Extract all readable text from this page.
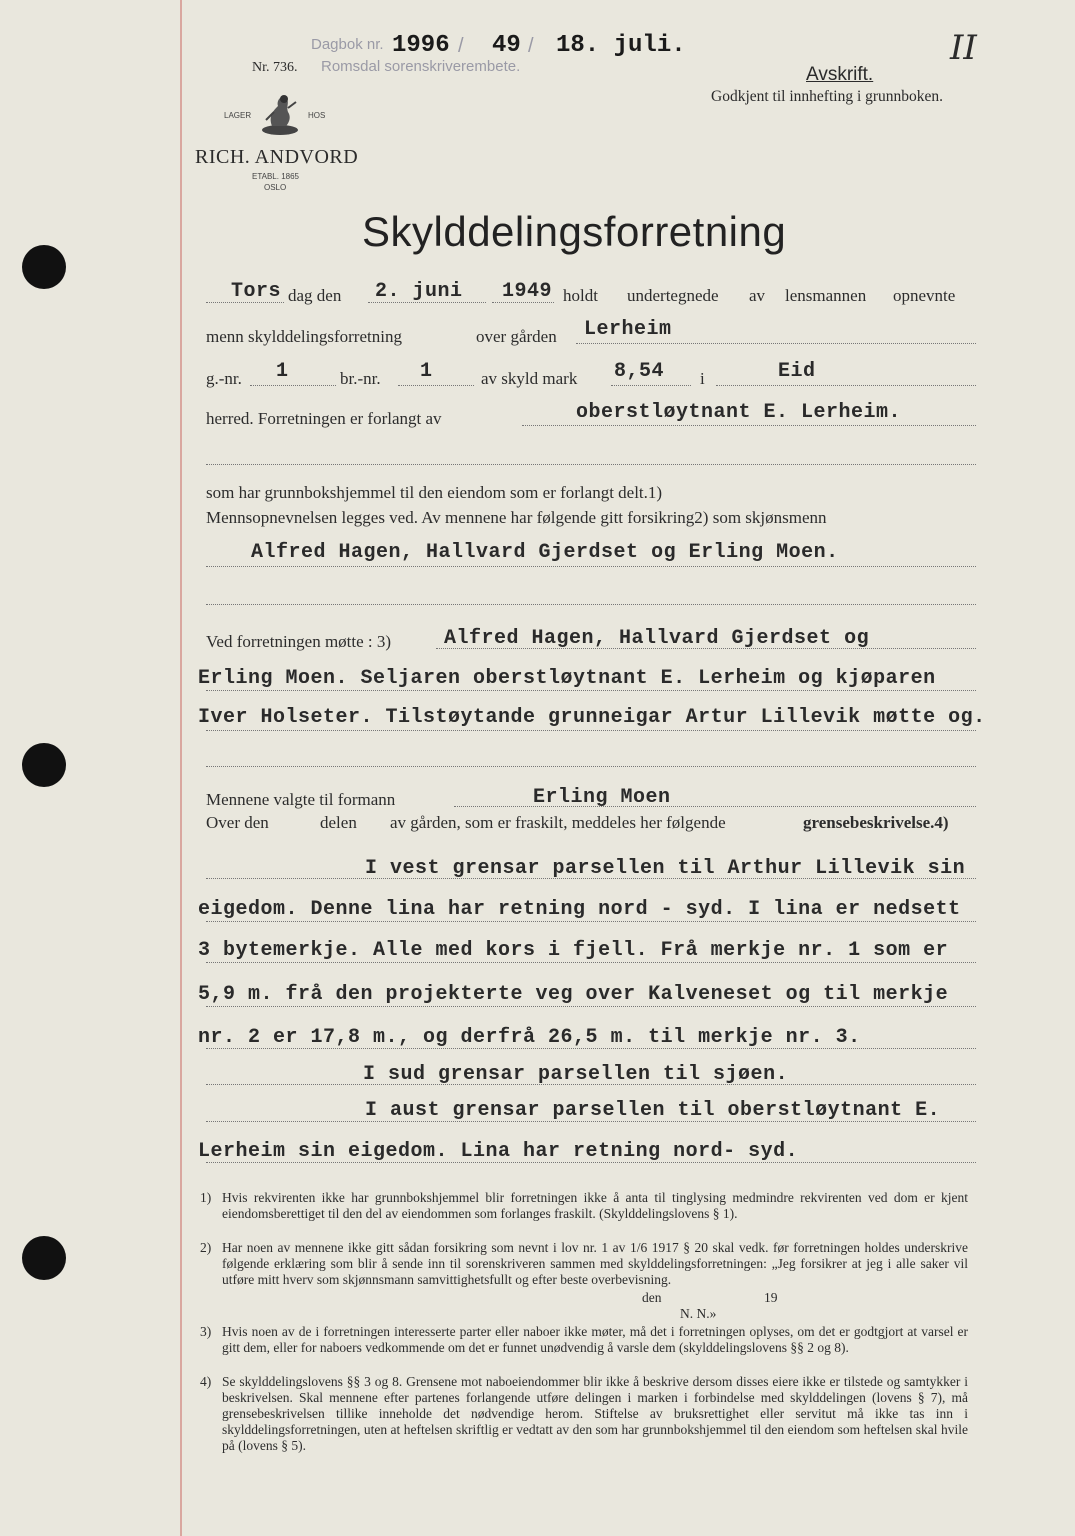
Dagbok nr. 1996 / 49 / 18. juli.
Nr. 736. Romsdal sorenskriverembete.	Avskrift.
Godkjent til innhefting i grunnboken.
II
LAGER	HOS
RICH. ANDVORD
ETABL. 1865
OSLO
Skylddelingsforretning
Tors dag den 2. juni 1949 holdt undertegnede av lensmannen opnevnte
menn skylddelingsforretning	over gården Lerheim
g.-nr. 1	br.-nr. 1	av skyld mark 8,54 i	Eid
herred. Forretningen er forlangt av	oberstløytnant E. Lerheim.
som har grunnbokshjemmel til den eiendom som er forlangt delt.1)
Mennsopnevnelsen legges ved. Av mennene har følgende gitt forsikring2) som skjønsmenn
Alfred Hagen, Hallvard Gjerdset og Erling Moen.
Ved forretningen møtte : 3)	Alfred Hagen, Hallvard Gjerdset og
Erling Moen. Seljaren oberstløytnant E. Lerheim og kjøparen
Iver Holseter. Tilstøytande grunneigar Artur Lillevik møtte og.
Mennene valgte til formann	Erling Moen
Over den	delen av gården, som er fraskilt, meddeles her følgende	grensebeskrivelse.4)
I vest grensar parsellen til Arthur Lillevik sin
eigedom. Denne lina har retning nord - syd. I lina er nedsett
3 bytemerkje. Alle med kors i fjell. Frå merkje nr. 1 som er
5,9 m. frå den projekterte veg over Kalveneset og til merkje
nr. 2 er 17,8 m., og derfrå 26,5 m. til merkje nr. 3.
I sud grensar parsellen til sjøen.
I aust grensar parsellen til oberstløytnant E.
Lerheim sin eigedom. Lina har retning nord- syd.
1) Hvis rekvirenten ikke har grunnbokshjemmel blir forretningen ikke å anta til tinglysing medmindre rekvirenten ved dom er kjent eiendomsberettiget til den del av eiendommen som forlanges fraskilt. (Skylddelingslovens § 1).
2) Har noen av mennene ikke gitt sådan forsikring som nevnt i lov nr. 1 av 1/6 1917 § 20 skal vedk. før forretningen holdes underskrive følgende erklæring som blir å sende inn til sorenskriveren sammen med skylddelingsforretningen: „Jeg forsikrer at jeg i alle saker vil utføre mitt hverv som skjønnsmann samvittighetsfullt og efter beste overbevisning.
den	19
N. N.»
3) Hvis noen av de i forretningen interesserte parter eller naboer ikke møter, må det i forretningen oplyses, om det er godtgjort at varsel er gitt dem, eller for naboers vedkommende om det er funnet unødvendig å varsle dem (skylddelingslovens §§ 2 og 8).
4) Se skylddelingslovens §§ 3 og 8. Grensene mot naboeiendommer blir ikke å beskrive dersom disses eiere ikke er tilstede og samtykker i beskrivelsen. Skal mennene efter partenes forlangende utføre delingen i marken i forbindelse med skylddelingen (lovens § 7), må grensebeskrivelsen tillike inneholde det nødvendige herom. Stiftelse av bruksrettighet eller servitut må ikke tas inn i skylddelingsforretningen, uten at heftelsen skriftlig er vedtatt av den som har grunnbokshjemmel til den eiendom som heftelsen skal hvile på (lovens § 5).
